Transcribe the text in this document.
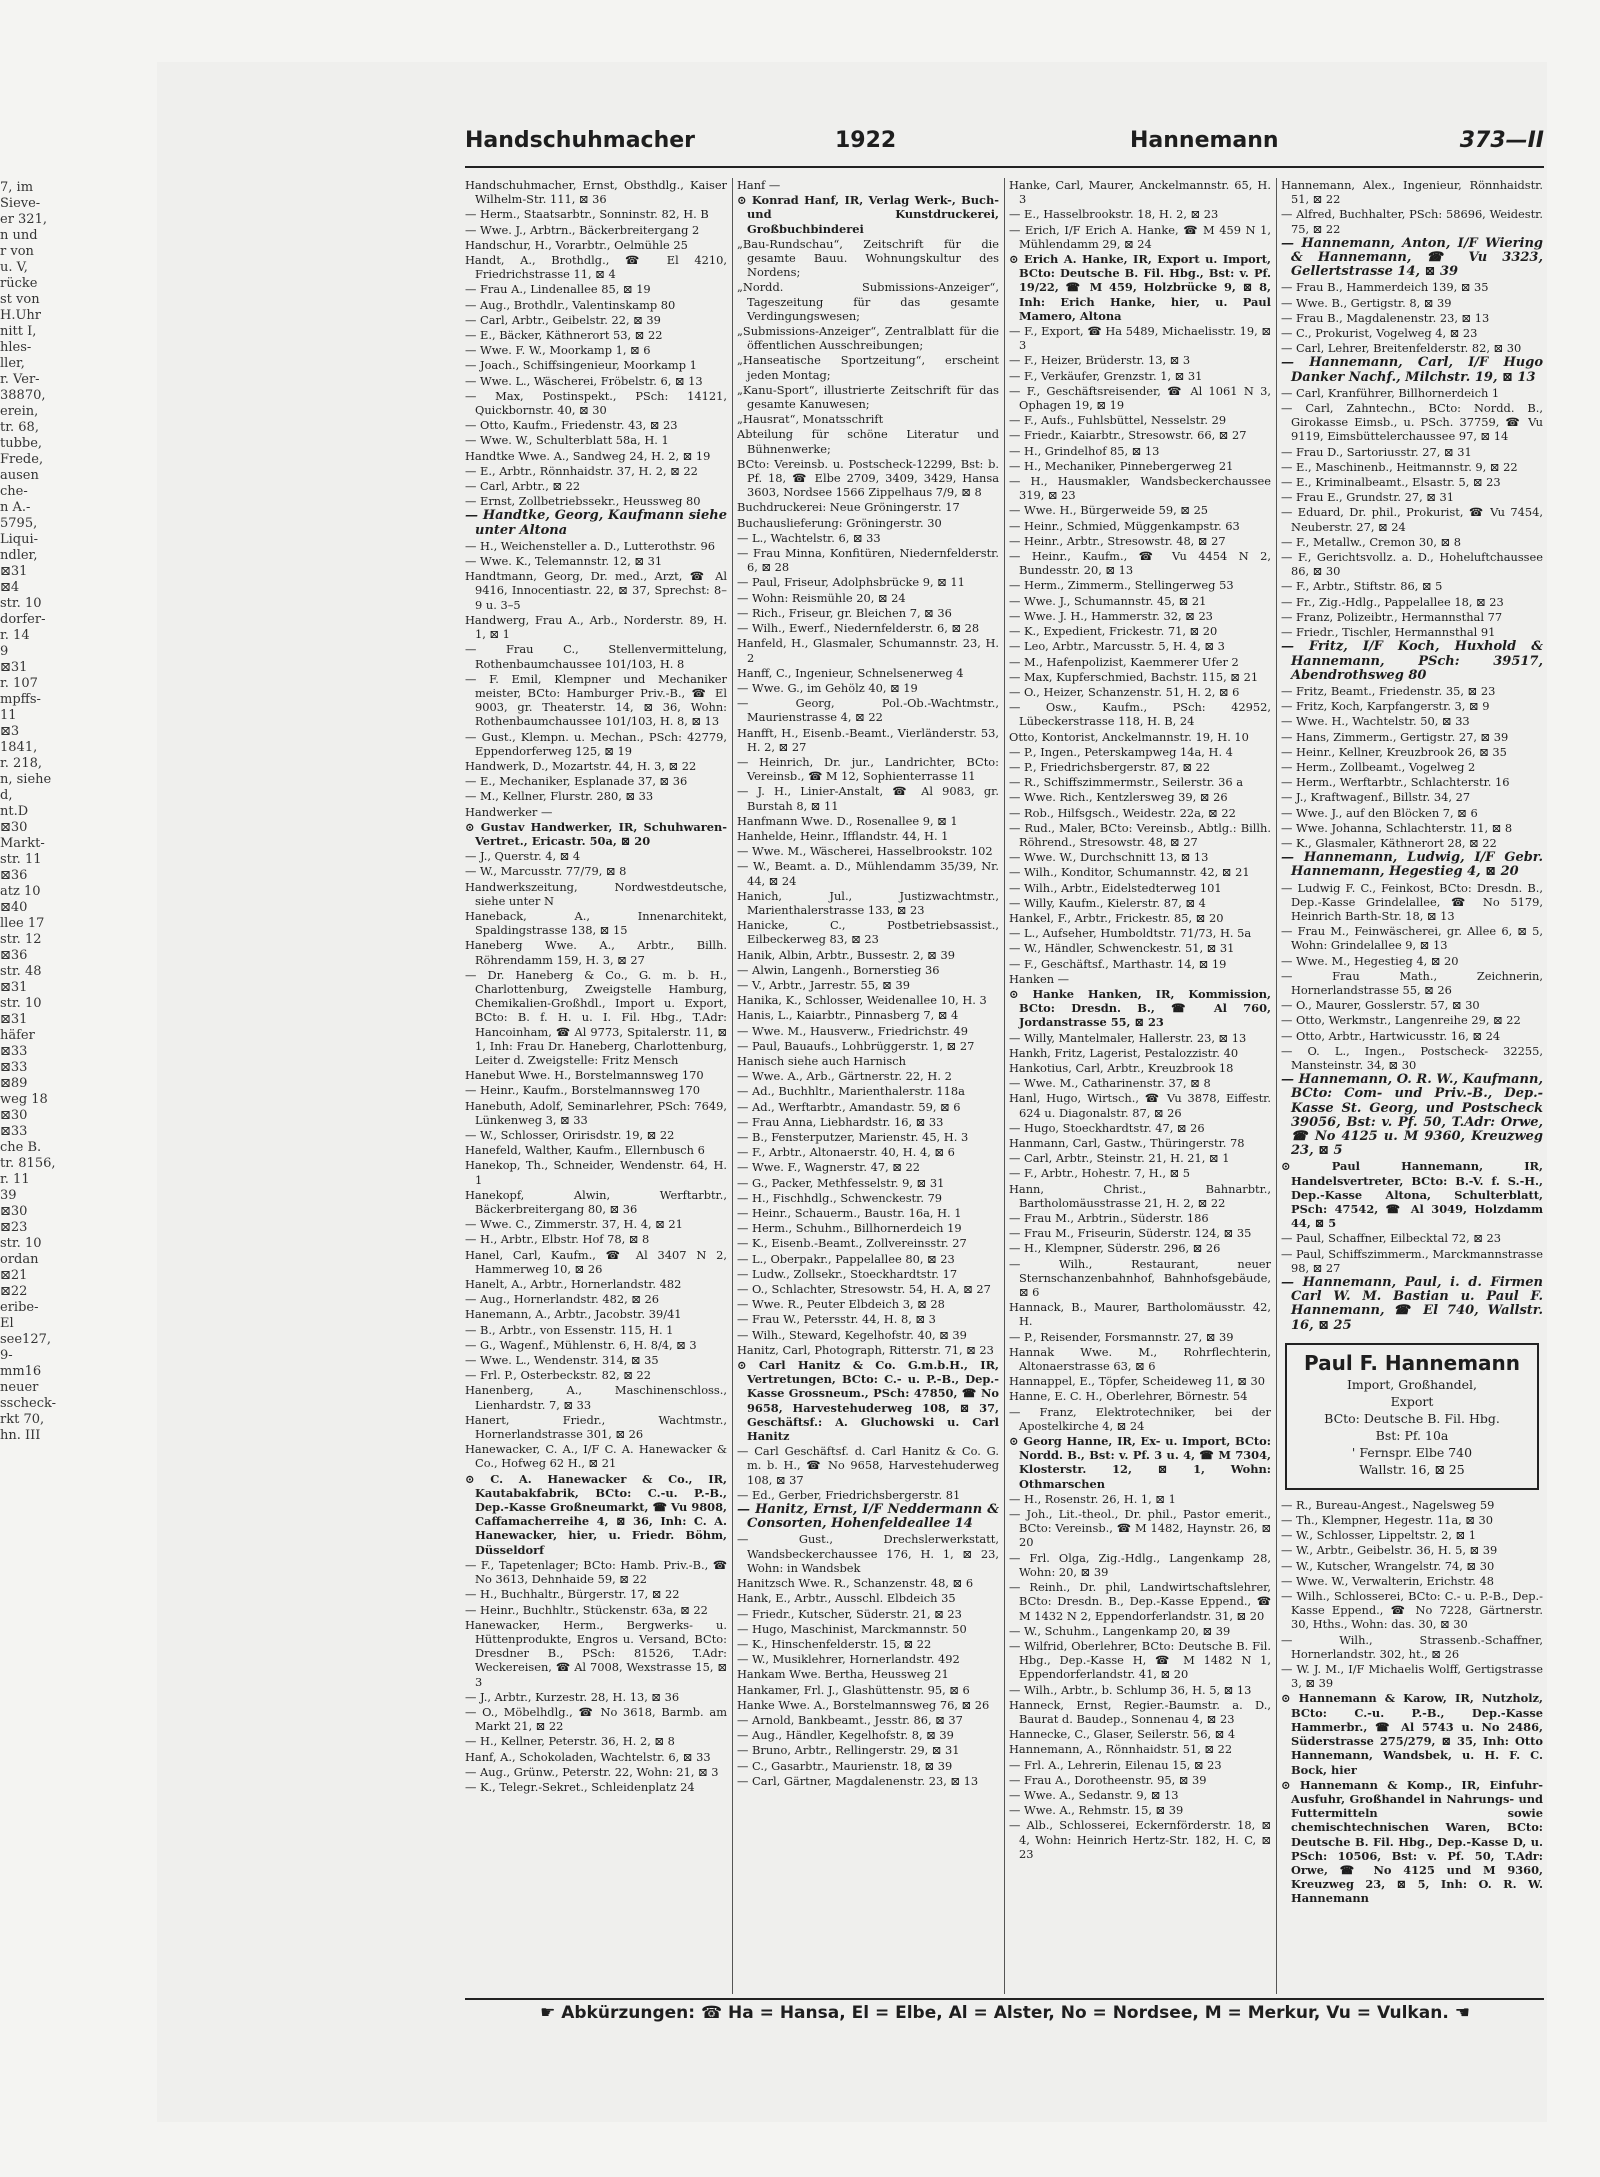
7, im
Sieve-
er 321,
n und
r von
u. V,
rücke
st von
H.Uhr
nitt I,
hles-
ller,
r. Ver-
38870,
erein,
tr. 68,
tubbe,
Frede,
ausen
che-
n A.-
5795,
Liqui-
ndler,
⊠31
⊠4
str. 10
dorfer-
r. 14
9
⊠31
r. 107
mpffs-
11
⊠3
1841,
r. 218,
n, siehe
d,
nt.D
⊠30
Markt-
str. 11
⊠36
atz 10
⊠40
llee 17
str. 12
⊠36
str. 48
⊠31
str. 10
⊠31
häfer
⊠33
⊠33
⊠89
weg 18
⊠30
⊠33
che B.
tr. 8156,
r. 11
39
⊠30
⊠23
str. 10
ordan
⊠21
⊠22
eribe-
El
see127,
9-
mm16
neuer
sscheck-
rkt 70,
hn. III
Handschuhmacher	1922	Hannemann	373—II
Handschuhmacher, Ernst, Obsthdlg., Kaiser Wilhelm-Str. 111, ⊠ 36
— Herm., Staatsarbtr., Sonninstr. 82, H. B
— Wwe. J., Arbtrn., Bäckerbreitergang 2
Handschur, H., Vorarbtr., Oelmühle 25
Handt, A., Brothdlg., ☎ El 4210, Friedrichstrasse 11, ⊠ 4
— Frau A., Lindenallee 85, ⊠ 19
— Aug., Brothdlr., Valentinskamp 80
— Carl, Arbtr., Geibelstr. 22, ⊠ 39
— E., Bäcker, Käthnerort 53, ⊠ 22
— Wwe. F. W., Moorkamp 1, ⊠ 6
— Joach., Schiffsingenieur, Moorkamp 1
— Wwe. L., Wäscherei, Fröbelstr. 6, ⊠ 13
— Max, Postinspekt., PSch: 14121, Quickbornstr. 40, ⊠ 30
— Otto, Kaufm., Friedenstr. 43, ⊠ 23
— Wwe. W., Schulterblatt 58a, H. 1
Handtke Wwe. A., Sandweg 24, H. 2, ⊠ 19
— E., Arbtr., Rönnhaidstr. 37, H. 2, ⊠ 22
— Carl, Arbtr., ⊠ 22
— Ernst, Zollbetriebssekr., Heussweg 80
— Handtke, Georg, Kaufmann siehe unter Altona
— H., Weichensteller a. D., Lutterothstr. 96
— Wwe. K., Telemannstr. 12, ⊠ 31
Handtmann, Georg, Dr. med., Arzt, ☎ Al 9416, Innocentiastr. 22, ⊠ 37, Sprechst: 8–9 u. 3–5
Handwerg, Frau A., Arb., Norderstr. 89, H. 1, ⊠ 1
— Frau C., Stellenvermittelung, Rothenbaumchaussee 101/103, H. 8
— F. Emil, Klempner und Mechaniker meister, BCto: Hamburger Priv.-B., ☎ El 9003, gr. Theaterstr. 14, ⊠ 36, Wohn: Rothenbaumchaussee 101/103, H. 8, ⊠ 13
— Gust., Klempn. u. Mechan., PSch: 42779, Eppendorferweg 125, ⊠ 19
Handwerk, D., Mozartstr. 44, H. 3, ⊠ 22
— E., Mechaniker, Esplanade 37, ⊠ 36
— M., Kellner, Flurstr. 280, ⊠ 33
Handwerker —
⊙ Gustav Handwerker, IR, Schuhwaren-Vertret., Ericastr. 50a, ⊠ 20
— J., Querstr. 4, ⊠ 4
— W., Marcusstr. 77/79, ⊠ 8
Handwerkszeitung, Nordwestdeutsche, siehe unter N
Haneback, A., Innenarchitekt, Spaldingstrasse 138, ⊠ 15
Haneberg Wwe. A., Arbtr., Billh. Röhrendamm 159, H. 3, ⊠ 27
— Dr. Haneberg & Co., G. m. b. H., Charlottenburg, Zweigstelle Hamburg, Chemikalien-Großhdl., Import u. Export, BCto: B. f. H. u. I. Fil. Hbg., T.Adr: Hancoinham, ☎ Al 9773, Spitalerstr. 11, ⊠ 1, Inh: Frau Dr. Haneberg, Charlottenburg, Leiter d. Zweigstelle: Fritz Mensch
Hanebut Wwe. H., Borstelmannsweg 170
— Heinr., Kaufm., Borstelmannsweg 170
Hanebuth, Adolf, Seminarlehrer, PSch: 7649, Lünkenweg 3, ⊠ 33
— W., Schlosser, Oririsdstr. 19, ⊠ 22
Hanefeld, Walther, Kaufm., Ellernbusch 6
Hanekop, Th., Schneider, Wendenstr. 64, H. 1
Hanekopf, Alwin, Werftarbtr., Bäckerbreitergang 80, ⊠ 36
— Wwe. C., Zimmerstr. 37, H. 4, ⊠ 21
— H., Arbtr., Elbstr. Hof 78, ⊠ 8
Hanel, Carl, Kaufm., ☎ Al 3407 N 2, Hammerweg 10, ⊠ 26
Hanelt, A., Arbtr., Hornerlandstr. 482
— Aug., Hornerlandstr. 482, ⊠ 26
Hanemann, A., Arbtr., Jacobstr. 39/41
— B., Arbtr., von Essenstr. 115, H. 1
— G., Wagenf., Mühlenstr. 6, H. 8/4, ⊠ 3
— Wwe. L., Wendenstr. 314, ⊠ 35
— Frl. P., Osterbeckstr. 82, ⊠ 22
Hanenberg, A., Maschinenschloss., Lienhardstr. 7, ⊠ 33
Hanert, Friedr., Wachtmstr., Hornerlandstrasse 301, ⊠ 26
Hanewacker, C. A., I/F C. A. Hanewacker & Co., Hofweg 62 H., ⊠ 21
⊙ C. A. Hanewacker & Co., IR, Kautabakfabrik, BCto: C.-u. P.-B., Dep.-Kasse Großneumarkt, ☎ Vu 9808, Caffamacherreihe 4, ⊠ 36, Inh: C. A. Hanewacker, hier, u. Friedr. Böhm, Düsseldorf
— F., Tapetenlager; BCto: Hamb. Priv.-B., ☎ No 3613, Dehnhaide 59, ⊠ 22
— H., Buchhaltr., Bürgerstr. 17, ⊠ 22
— Heinr., Buchhltr., Stückenstr. 63a, ⊠ 22
Hanewacker, Herm., Bergwerks- u. Hüttenprodukte, Engros u. Versand, BCto: Dresdner B., PSch: 81526, T.Adr: Weckereisen, ☎ Al 7008, Wexstrasse 15, ⊠ 3
— J., Arbtr., Kurzestr. 28, H. 13, ⊠ 36
— O., Möbelhdlg., ☎ No 3618, Barmb. am Markt 21, ⊠ 22
— H., Kellner, Peterstr. 36, H. 2, ⊠ 8
Hanf, A., Schokoladen, Wachtelstr. 6, ⊠ 33
— Aug., Grünw., Peterstr. 22, Wohn: 21, ⊠ 3
— K., Telegr.-Sekret., Schleidenplatz 24
Hanf —
⊙ Konrad Hanf, IR, Verlag Werk-, Buch- und Kunstdruckerei, Großbuchbinderei
„Bau-Rundschau“, Zeitschrift für die gesamte Bauu. Wohnungskultur des Nordens;
„Nordd. Submissions-Anzeiger“, Tageszeitung für das gesamte Verdingungswesen;
„Submissions-Anzeiger“, Zentralblatt für die öffentlichen Ausschreibungen;
„Hanseatische Sportzeitung“, erscheint jeden Montag;
„Kanu-Sport“, illustrierte Zeitschrift für das gesamte Kanuwesen;
„Hausrat“, Monatsschrift
Abteilung für schöne Literatur und Bühnenwerke;
BCto: Vereinsb. u. Postscheck-12299, Bst: b. Pf. 18, ☎ Elbe 2709, 3409, 3429, Hansa 3603, Nordsee 1566 Zippelhaus 7/9, ⊠ 8
Buchdruckerei: Neue Gröningerstr. 17
Buchauslieferung: Gröningerstr. 30
— L., Wachtelstr. 6, ⊠ 33
— Frau Minna, Konfitüren, Niedernfelderstr. 6, ⊠ 28
— Paul, Friseur, Adolphsbrücke 9, ⊠ 11
— Wohn: Reismühle 20, ⊠ 24
— Rich., Friseur, gr. Bleichen 7, ⊠ 36
— Wilh., Ewerf., Niedernfelderstr. 6, ⊠ 28
Hanfeld, H., Glasmaler, Schumannstr. 23, H. 2
Hanff, C., Ingenieur, Schnelsenerweg 4
— Wwe. G., im Gehölz 40, ⊠ 19
— Georg, Pol.-Ob.-Wachtmstr., Maurienstrasse 4, ⊠ 22
Hanfft, H., Eisenb.-Beamt., Vierländerstr. 53, H. 2, ⊠ 27
— Heinrich, Dr. jur., Landrichter, BCto: Vereinsb., ☎ M 12, Sophienterrasse 11
— J. H., Linier-Anstalt, ☎ Al 9083, gr. Burstah 8, ⊠ 11
Hanfmann Wwe. D., Rosenallee 9, ⊠ 1
Hanhelde, Heinr., Ifflandstr. 44, H. 1
— Wwe. M., Wäscherei, Hasselbrookstr. 102
— W., Beamt. a. D., Mühlendamm 35/39, Nr. 44, ⊠ 24
Hanich, Jul., Justizwachtmstr., Marienthalerstrasse 133, ⊠ 23
Hanicke, C., Postbetriebsassist., Eilbeckerweg 83, ⊠ 23
Hanik, Albin, Arbtr., Bussestr. 2, ⊠ 39
— Alwin, Langenh., Bornerstieg 36
— V., Arbtr., Jarrestr. 55, ⊠ 39
Hanika, K., Schlosser, Weidenallee 10, H. 3
Hanis, L., Kaiarbtr., Pinnasberg 7, ⊠ 4
— Wwe. M., Hausverw., Friedrichstr. 49
— Paul, Bauaufs., Lohbrüggerstr. 1, ⊠ 27
Hanisch siehe auch Harnisch
— Wwe. A., Arb., Gärtnerstr. 22, H. 2
— Ad., Buchhltr., Marienthalerstr. 118a
— Ad., Werftarbtr., Amandastr. 59, ⊠ 6
— Frau Anna, Liebhardstr. 16, ⊠ 33
— B., Fensterputzer, Marienstr. 45, H. 3
— F., Arbtr., Altonaerstr. 40, H. 4, ⊠ 6
— Wwe. F., Wagnerstr. 47, ⊠ 22
— G., Packer, Methfesselstr. 9, ⊠ 31
— H., Fischhdlg., Schwenckestr. 79
— Heinr., Schauerm., Baustr. 16a, H. 1
— Herm., Schuhm., Billhornerdeich 19
— K., Eisenb.-Beamt., Zollvereinsstr. 27
— L., Oberpakr., Pappelallee 80, ⊠ 23
— Ludw., Zollsekr., Stoeckhardtstr. 17
— O., Schlachter, Stresowstr. 54, H. A, ⊠ 27
— Wwe. R., Peuter Elbdeich 3, ⊠ 28
— Frau W., Petersstr. 44, H. 8, ⊠ 3
— Wilh., Steward, Kegelhofstr. 40, ⊠ 39
Hanitz, Carl, Photograph, Ritterstr. 71, ⊠ 23
⊙ Carl Hanitz & Co. G.m.b.H., IR, Vertretungen, BCto: C.- u. P.-B., Dep.-Kasse Grossneum., PSch: 47850, ☎ No 9658, Harvestehuderweg 108, ⊠ 37, Geschäftsf.: A. Gluchowski u. Carl Hanitz
— Carl Geschäftsf. d. Carl Hanitz & Co. G. m. b. H., ☎ No 9658, Harvestehuderweg 108, ⊠ 37
— Ed., Gerber, Friedrichsbergerstr. 81
— Hanitz, Ernst, I/F Neddermann & Consorten, Hohenfeldeallee 14
— Gust., Drechslerwerkstatt, Wandsbeckerchaussee 176, H. 1, ⊠ 23, Wohn: in Wandsbek
Hanitzsch Wwe. R., Schanzenstr. 48, ⊠ 6
Hank, E., Arbtr., Ausschl. Elbdeich 35
— Friedr., Kutscher, Süderstr. 21, ⊠ 23
— Hugo, Maschinist, Marckmannstr. 50
— K., Hinschenfelderstr. 15, ⊠ 22
— W., Musiklehrer, Hornerlandstr. 492
Hankam Wwe. Bertha, Heussweg 21
Hankamer, Frl. J., Glashüttenstr. 95, ⊠ 6
Hanke Wwe. A., Borstelmannsweg 76, ⊠ 26
— Arnold, Bankbeamt., Jesstr. 86, ⊠ 37
— Aug., Händler, Kegelhofstr. 8, ⊠ 39
— Bruno, Arbtr., Rellingerstr. 29, ⊠ 31
— C., Gasarbtr., Maurienstr. 18, ⊠ 39
— Carl, Gärtner, Magdalenenstr. 23, ⊠ 13
Hanke, Carl, Maurer, Anckelmannstr. 65, H. 3
— E., Hasselbrookstr. 18, H. 2, ⊠ 23
— Erich, I/F Erich A. Hanke, ☎ M 459 N 1, Mühlendamm 29, ⊠ 24
⊙ Erich A. Hanke, IR, Export u. Import, BCto: Deutsche B. Fil. Hbg., Bst: v. Pf. 19/22, ☎ M 459, Holzbrücke 9, ⊠ 8, Inh: Erich Hanke, hier, u. Paul Mamero, Altona
— F., Export, ☎ Ha 5489, Michaelisstr. 19, ⊠ 3
— F., Heizer, Brüderstr. 13, ⊠ 3
— F., Verkäufer, Grenzstr. 1, ⊠ 31
— F., Geschäftsreisender, ☎ Al 1061 N 3, Ophagen 19, ⊠ 19
— F., Aufs., Fuhlsbüttel, Nesselstr. 29
— Friedr., Kaiarbtr., Stresowstr. 66, ⊠ 27
— H., Grindelhof 85, ⊠ 13
— H., Mechaniker, Pinnebergerweg 21
— H., Hausmakler, Wandsbeckerchaussee 319, ⊠ 23
— Wwe. H., Bürgerweide 59, ⊠ 25
— Heinr., Schmied, Müggenkampstr. 63
— Heinr., Arbtr., Stresowstr. 48, ⊠ 27
— Heinr., Kaufm., ☎ Vu 4454 N 2, Bundesstr. 20, ⊠ 13
— Herm., Zimmerm., Stellingerweg 53
— Wwe. J., Schumannstr. 45, ⊠ 21
— Wwe. J. H., Hammerstr. 32, ⊠ 23
— K., Expedient, Frickestr. 71, ⊠ 20
— Leo, Arbtr., Marcusstr. 5, H. 4, ⊠ 3
— M., Hafenpolizist, Kaemmerer Ufer 2
— Max, Kupferschmied, Bachstr. 115, ⊠ 21
— O., Heizer, Schanzenstr. 51, H. 2, ⊠ 6
— Osw., Kaufm., PSch: 42952, Lübeckerstrasse 118, H. B, 24
Otto, Kontorist, Anckelmannstr. 19, H. 10
— P., Ingen., Peterskampweg 14a, H. 4
— P., Friedrichsbergerstr. 87, ⊠ 22
— R., Schiffszimmermstr., Seilerstr. 36 a
— Wwe. Rich., Kentzlersweg 39, ⊠ 26
— Rob., Hilfsgsch., Weidestr. 22a, ⊠ 22
— Rud., Maler, BCto: Vereinsb., Abtlg.: Billh. Röhrend., Stresowstr. 48, ⊠ 27
— Wwe. W., Durchschnitt 13, ⊠ 13
— Wilh., Konditor, Schumannstr. 42, ⊠ 21
— Wilh., Arbtr., Eidelstedterweg 101
— Willy, Kaufm., Kielerstr. 87, ⊠ 4
Hankel, F., Arbtr., Frickestr. 85, ⊠ 20
— L., Aufseher, Humboldtstr. 71/73, H. 5a
— W., Händler, Schwenckestr. 51, ⊠ 31
— F., Geschäftsf., Marthastr. 14, ⊠ 19
Hanken —
⊙ Hanke Hanken, IR, Kommission, BCto: Dresdn. B., ☎ Al 760, Jordanstrasse 55, ⊠ 23
— Willy, Mantelmaler, Hallerstr. 23, ⊠ 13
Hankh, Fritz, Lagerist, Pestalozzistr. 40
Hankotius, Carl, Arbtr., Kreuzbrook 18
— Wwe. M., Catharinenstr. 37, ⊠ 8
Hanl, Hugo, Wirtsch., ☎ Vu 3878, Eiffestr. 624 u. Diagonalstr. 87, ⊠ 26
— Hugo, Stoeckhardtstr. 47, ⊠ 26
Hanmann, Carl, Gastw., Thüringerstr. 78
— Carl, Arbtr., Steinstr. 21, H. 21, ⊠ 1
— F., Arbtr., Hohestr. 7, H., ⊠ 5
Hann, Christ., Bahnarbtr., Bartholomäusstrasse 21, H. 2, ⊠ 22
— Frau M., Arbtrin., Süderstr. 186
— Frau M., Friseurin, Süderstr. 124, ⊠ 35
— H., Klempner, Süderstr. 296, ⊠ 26
— Wilh., Restaurant, neuer Sternschanzenbahnhof, Bahnhofsgebäude, ⊠ 6
Hannack, B., Maurer, Bartholomäusstr. 42, H.
— P., Reisender, Forsmannstr. 27, ⊠ 39
Hannak Wwe. M., Rohrflechterin, Altonaerstrasse 63, ⊠ 6
Hannappel, E., Töpfer, Scheideweg 11, ⊠ 30
Hanne, E. C. H., Oberlehrer, Börnestr. 54
— Franz, Elektrotechniker, bei der Apostelkirche 4, ⊠ 24
⊙ Georg Hanne, IR, Ex- u. Import, BCto: Nordd. B., Bst: v. Pf. 3 u. 4, ☎ M 7304, Klosterstr. 12, ⊠ 1, Wohn: Othmarschen
— H., Rosenstr. 26, H. 1, ⊠ 1
— Joh., Lit.-theol., Dr. phil., Pastor emerit., BCto: Vereinsb., ☎ M 1482, Haynstr. 26, ⊠ 20
— Frl. Olga, Zig.-Hdlg., Langenkamp 28, Wohn: 20, ⊠ 39
— Reinh., Dr. phil, Landwirtschaftslehrer, BCto: Dresdn. B., Dep.-Kasse Eppend., ☎ M 1432 N 2, Eppendorferlandstr. 31, ⊠ 20
— W., Schuhm., Langenkamp 20, ⊠ 39
— Wilfrid, Oberlehrer, BCto: Deutsche B. Fil. Hbg., Dep.-Kasse H, ☎ M 1482 N 1, Eppendorferlandstr. 41, ⊠ 20
— Wilh., Arbtr., b. Schlump 36, H. 5, ⊠ 13
Hanneck, Ernst, Regier.-Baumstr. a. D., Baurat d. Baudep., Sonnenau 4, ⊠ 23
Hannecke, C., Glaser, Seilerstr. 56, ⊠ 4
Hannemann, A., Rönnhaidstr. 51, ⊠ 22
— Frl. A., Lehrerin, Eilenau 15, ⊠ 23
— Frau A., Dorotheenstr. 95, ⊠ 39
— Wwe. A., Sedanstr. 9, ⊠ 13
— Wwe. A., Rehmstr. 15, ⊠ 39
— Alb., Schlosserei, Eckernförderstr. 18, ⊠ 4, Wohn: Heinrich Hertz-Str. 182, H. C, ⊠ 23
Hannemann, Alex., Ingenieur, Rönnhaidstr. 51, ⊠ 22
— Alfred, Buchhalter, PSch: 58696, Weidestr. 75, ⊠ 22
— Hannemann, Anton, I/F Wiering & Hannemann, ☎ Vu 3323, Gellertstrasse 14, ⊠ 39
— Frau B., Hammerdeich 139, ⊠ 35
— Wwe. B., Gertigstr. 8, ⊠ 39
— Frau B., Magdalenenstr. 23, ⊠ 13
— C., Prokurist, Vogelweg 4, ⊠ 23
— Carl, Lehrer, Breitenfelderstr. 82, ⊠ 30
— Hannemann, Carl, I/F Hugo Danker Nachf., Milchstr. 19, ⊠ 13
— Carl, Kranführer, Billhornerdeich 1
— Carl, Zahntechn., BCto: Nordd. B., Girokasse Eimsb., u. PSch. 37759, ☎ Vu 9119, Eimsbüttelerchaussee 97, ⊠ 14
— Frau D., Sartoriusstr. 27, ⊠ 31
— E., Maschinenb., Heitmannstr. 9, ⊠ 22
— E., Kriminalbeamt., Elsastr. 5, ⊠ 23
— Frau E., Grundstr. 27, ⊠ 31
— Eduard, Dr. phil., Prokurist, ☎ Vu 7454, Neuberstr. 27, ⊠ 24
— F., Metallw., Cremon 30, ⊠ 8
— F., Gerichtsvollz. a. D., Hoheluftchaussee 86, ⊠ 30
— F., Arbtr., Stiftstr. 86, ⊠ 5
— Fr., Zig.-Hdlg., Pappelallee 18, ⊠ 23
— Franz, Polizeibtr., Hermannsthal 77
— Friedr., Tischler, Hermannsthal 91
— Fritz, I/F Koch, Huxhold & Hannemann, PSch: 39517, Abendrothsweg 80
— Fritz, Beamt., Friedenstr. 35, ⊠ 23
— Fritz, Koch, Karpfangerstr. 3, ⊠ 9
— Wwe. H., Wachtelstr. 50, ⊠ 33
— Hans, Zimmerm., Gertigstr. 27, ⊠ 39
— Heinr., Kellner, Kreuzbrook 26, ⊠ 35
— Herm., Zollbeamt., Vogelweg 2
— Herm., Werftarbtr., Schlachterstr. 16
— J., Kraftwagenf., Billstr. 34, 27
— Wwe. J., auf den Blöcken 7, ⊠ 6
— Wwe. Johanna, Schlachterstr. 11, ⊠ 8
— K., Glasmaler, Käthnerort 28, ⊠ 22
— Hannemann, Ludwig, I/F Gebr. Hannemann, Hegestieg 4, ⊠ 20
— Ludwig F. C., Feinkost, BCto: Dresdn. B., Dep.-Kasse Grindelallee, ☎ No 5179, Heinrich Barth-Str. 18, ⊠ 13
— Frau M., Feinwäscherei, gr. Allee 6, ⊠ 5, Wohn: Grindelallee 9, ⊠ 13
— Wwe. M., Hegestieg 4, ⊠ 20
— Frau Math., Zeichnerin, Hornerlandstrasse 55, ⊠ 26
— O., Maurer, Gosslerstr. 57, ⊠ 30
— Otto, Werkmstr., Langenreihe 29, ⊠ 22
— Otto, Arbtr., Hartwicusstr. 16, ⊠ 24
— O. L., Ingen., Postscheck- 32255, Mansteinstr. 34, ⊠ 30
— Hannemann, O. R. W., Kaufmann, BCto: Com- und Priv.-B., Dep.-Kasse St. Georg, und Postscheck 39056, Bst: v. Pf. 50, T.Adr: Orwe, ☎ No 4125 u. M 9360, Kreuzweg 23, ⊠ 5
⊙ Paul Hannemann, IR, Handelsvertreter, BCto: B.-V. f. S.-H., Dep.-Kasse Altona, Schulterblatt, PSch: 47542, ☎ Al 3049, Holzdamm 44, ⊠ 5
— Paul, Schaffner, Eilbecktal 72, ⊠ 23
— Paul, Schiffszimmerm., Marckmannstrasse 98, ⊠ 27
— Hannemann, Paul, i. d. Firmen Carl W. M. Bastian u. Paul F. Hannemann, ☎ El 740, Wallstr. 16, ⊠ 25
Paul F. Hannemann
Import, Großhandel,
Export
BCto: Deutsche B. Fil. Hbg.
Bst: Pf. 10a
' Fernspr. Elbe 740
Wallstr. 16, ⊠ 25
— R., Bureau-Angest., Nagelsweg 59
— Th., Klempner, Hegestr. 11a, ⊠ 30
— W., Schlosser, Lippeltstr. 2, ⊠ 1
— W., Arbtr., Geibelstr. 36, H. 5, ⊠ 39
— W., Kutscher, Wrangelstr. 74, ⊠ 30
— Wwe. W., Verwalterin, Erichstr. 48
— Wilh., Schlosserei, BCto: C.- u. P.-B., Dep.-Kasse Eppend., ☎ No 7228, Gärtnerstr. 30, Hths., Wohn: das. 30, ⊠ 30
— Wilh., Strassenb.-Schaffner, Hornerlandstr. 302, ht., ⊠ 26
— W. J. M., I/F Michaelis Wolff, Gertigstrasse 3, ⊠ 39
⊙ Hannemann & Karow, IR, Nutzholz, BCto: C.-u. P.-B., Dep.-Kasse Hammerbr., ☎ Al 5743 u. No 2486, Süderstrasse 275/279, ⊠ 35, Inh: Otto Hannemann, Wandsbek, u. H. F. C. Bock, hier
⊙ Hannemann & Komp., IR, Einfuhr-Ausfuhr, Großhandel in Nahrungs- und Futtermitteln sowie chemischtechnischen Waren, BCto: Deutsche B. Fil. Hbg., Dep.-Kasse D, u. PSch: 10506, Bst: v. Pf. 50, T.Adr: Orwe, ☎ No 4125 und M 9360, Kreuzweg 23, ⊠ 5, Inh: O. R. W. Hannemann
☛ Abkürzungen: ☎ Ha = Hansa, El = Elbe, Al = Alster, No = Nordsee, M = Merkur, Vu = Vulkan. ☚
